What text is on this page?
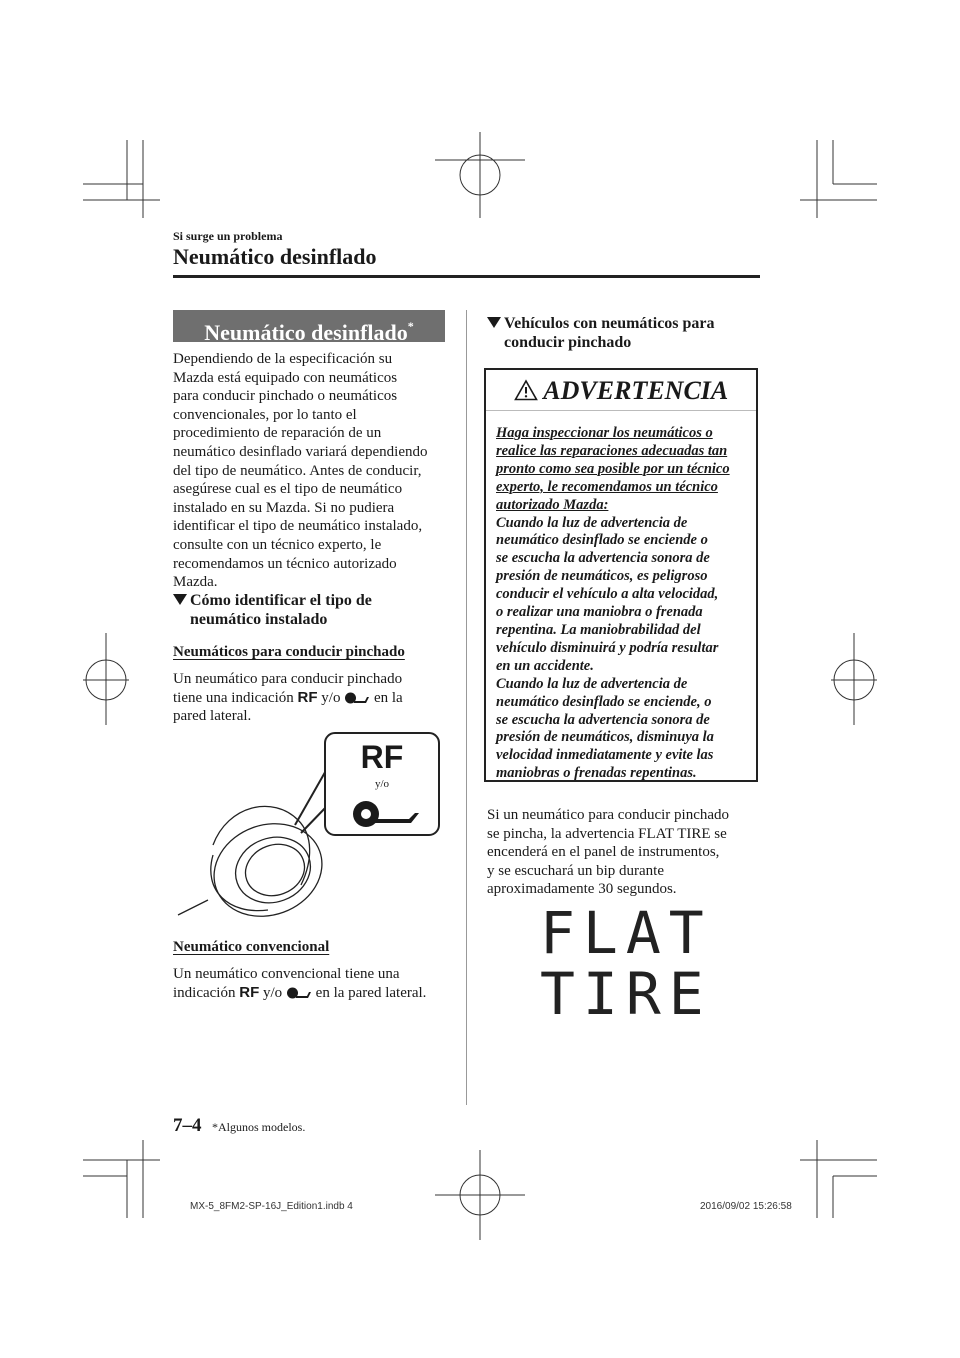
Si surge un problema
Neumático desinflado
Neumático desinflado*
Dependiendo de la especificación su
Mazda está equipado con neumáticos
para conducir pinchado o neumáticos
convencionales, por lo tanto el
procedimiento de reparación de un
neumático desinflado variará dependiendo
del tipo de neumático. Antes de conducir,
asegúrese cual es el tipo de neumático
instalado en su Mazda. Si no pudiera
identificar el tipo de neumático instalado,
consulte con un técnico experto, le
recomendamos un técnico autorizado
Mazda.
Cómo identificar el tipo de
neumático instalado
Neumáticos para conducir pinchado
Un neumático para conducir pinchado
tiene una indicación RF y/o en la
pared lateral.
RF
y/o
Neumático convencional
Un neumático convencional tiene una
indicación RF y/o en la pared lateral.
Vehículos con neumáticos para
conducir pinchado
ADVERTENCIA
Haga inspeccionar los neumáticos o
realice las reparaciones adecuadas tan
pronto como sea posible por un técnico
experto, le recomendamos un técnico
autorizado Mazda:
Cuando la luz de advertencia de
neumático desinflado se enciende o
se escucha la advertencia sonora de
presión de neumáticos, es peligroso
conducir el vehículo a alta velocidad,
o realizar una maniobra o frenada
repentina. La maniobrabilidad del
vehículo disminuirá y podría resultar
en un accidente.
Cuando la luz de advertencia de
neumático desinflado se enciende, o
se escucha la advertencia sonora de
presión de neumáticos, disminuya la
velocidad inmediatamente y evite las
maniobras o frenadas repentinas.
Si un neumático para conducir pinchado
se pincha, la advertencia FLAT TIRE se
encenderá en el panel de instrumentos,
y se escuchará un bip durante
aproximadamente 30 segundos.
FLAT
TIRE
7–4 *Algunos modelos.
MX-5_8FM2-SP-16J_Edition1.indb 4	2016/09/02 15:26:58
